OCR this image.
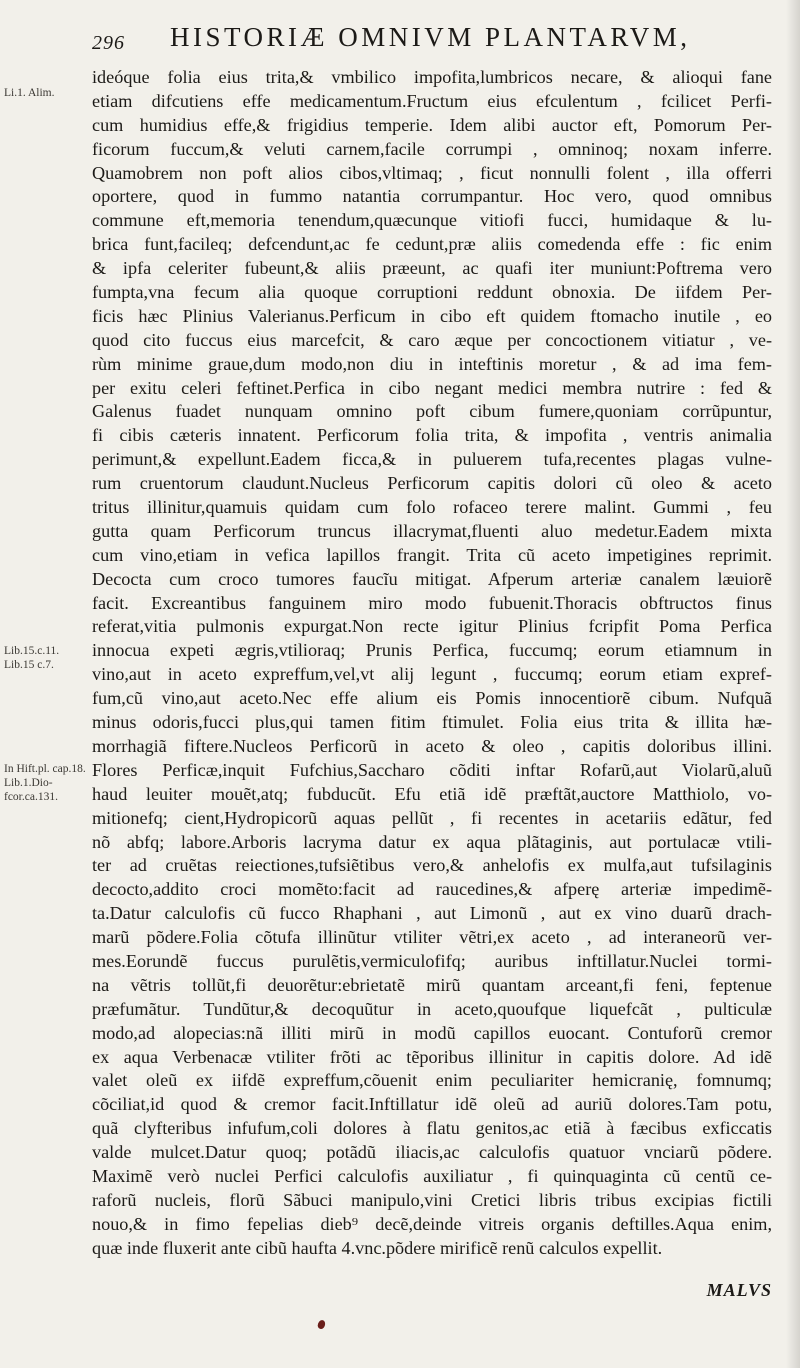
296 HISTORIÆ OMNIVM PLANTARVM,
Li.1. Alim.
Lib.15.c.11. Lib.15 c.7.
In Hift.pl. cap.18. Lib.1.Dio-fcor.ca.131.
ideóque folia eius trita,& vmbilico impofita,lumbricos necare, & alioqui fane
etiam difcutiens effe medicamentum.Fructum eius efculentum , fcilicet Perfi-
cum humidius effe,& frigidius temperie. Idem alibi auctor eft, Pomorum Per-
ficorum fuccum,& veluti carnem,facile corrumpi , omninoq; noxam inferre.
Quamobrem non poft alios cibos,vltimaq; , ficut nonnulli folent , illa offerri
oportere, quod in fummo natantia corrumpantur. Hoc vero, quod omnibus
commune eft,memoria tenendum,quæcunque vitiofi fucci, humidaque & lu-
brica funt,facileq; defcendunt,ac fe cedunt,præ aliis comedenda effe : fic enim
& ipfa celeriter fubeunt,& aliis præeunt, ac quafi iter muniunt:Poftrema vero
fumpta,vna fecum alia quoque corruptioni reddunt obnoxia. De iifdem Per-
ficis hæc Plinius Valerianus.Perficum in cibo eft quidem ftomacho inutile , eo
quod cito fuccus eius marcefcit, & caro æque per concoctionem vitiatur , ve-
rùm minime graue,dum modo,non diu in inteftinis moretur , & ad ima fem-
per exitu celeri feftinet.Perfica in cibo negant medici membra nutrire : fed &
Galenus fuadet nunquam omnino poft cibum fumere,quoniam corrũpuntur,
fi cibis cæteris innatent. Perficorum folia trita, & impofita , ventris animalia
perimunt,& expellunt.Eadem ficca,& in puluerem tufa,recentes plagas vulne-
rum cruentorum claudunt.Nucleus Perficorum capitis dolori cũ oleo & aceto
tritus illinitur,quamuis quidam cum folo rofaceo terere malint. Gummi , feu
gutta quam Perficorum truncus illacrymat,fluenti aluo medetur.Eadem mixta
cum vino,etiam in vefica lapillos frangit. Trita cũ aceto impetigines reprimit.
Decocta cum croco tumores faucĩu mitigat. Afperum arteriæ canalem læuiorẽ
facit. Excreantibus fanguinem miro modo fubuenit.Thoracis obftructos finus
referat,vitia pulmonis expurgat.Non recte igitur Plinius fcripfit Poma Perfica
innocua expeti ægris,vtilioraq; Prunis Perfica, fuccumq; eorum etiamnum in
vino,aut in aceto expreffum,vel,vt alij legunt , fuccumq; eorum etiam expref-
fum,cũ vino,aut aceto.Nec effe alium eis Pomis innocentiorẽ cibum. Nufquã
minus odoris,fucci plus,qui tamen fitim ftimulet. Folia eius trita & illita hæ-
morrhagiã fiftere.Nucleos Perficorũ in aceto & oleo , capitis doloribus illini.
Flores Perficæ,inquit Fufchius,Saccharo cõditi inftar Rofarũ,aut Violarũ,aluũ
haud leuiter mouẽt,atq; fubducũt. Efu etiã idẽ præftãt,auctore Matthiolo, vo-
mitionefq; cient,Hydropicorũ aquas pellũt , fi recentes in acetariis edãtur, fed
nõ abfq; labore.Arboris lacryma datur ex aqua plãtaginis, aut portulacæ vtili-
ter ad cruẽtas reiectiones,tufsiẽtibus vero,& anhelofis ex mulfa,aut tufsilaginis
decocto,addito croci momẽto:facit ad raucedines,& afperę arteriæ impedimẽ-
ta.Datur calculofis cũ fucco Rhaphani , aut Limonũ , aut ex vino duarũ drach-
marũ põdere.Folia cõtufa illinũtur vtiliter vẽtri,ex aceto , ad interaneorũ ver-
mes.Eorundẽ fuccus purulẽtis,vermiculofifq; auribus inftillatur.Nuclei tormi-
na vẽtris tollũt,fi deuorẽtur:ebrietatẽ mirũ quantam arceant,fi feni, feptenue
præfumãtur. Tundũtur,& decoquũtur in aceto,quoufque liquefcãt , pulticulæ
modo,ad alopecias:nã illiti mirũ in modũ capillos euocant. Contuforũ cremor
ex aqua Verbenacæ vtiliter frõti ac tẽporibus illinitur in capitis dolore. Ad idẽ
valet oleũ ex iifdẽ expreffum,cõuenit enim peculiariter hemicranię, fomnumq;
cõciliat,id quod & cremor facit.Inftillatur idẽ oleũ ad auriũ dolores.Tam potu,
quã clyfteribus infufum,coli dolores à flatu genitos,ac etiã à fæcibus exficcatis
valde mulcet.Datur quoq; potãdũ iliacis,ac calculofis quatuor vnciarũ põdere.
Maximẽ verò nuclei Perfici calculofis auxiliatur , fi quinquaginta cũ centũ ce-
raforũ nucleis, florũ Sãbuci manipulo,vini Cretici libris tribus excipias fictili
nouo,& in fimo fepelias dieb⁹ decẽ,deinde vitreis organis deftilles.Aqua enim,
quæ inde fluxerit ante cibũ haufta 4.vnc.põdere mirificẽ renũ calculos expellit.
MALVS
